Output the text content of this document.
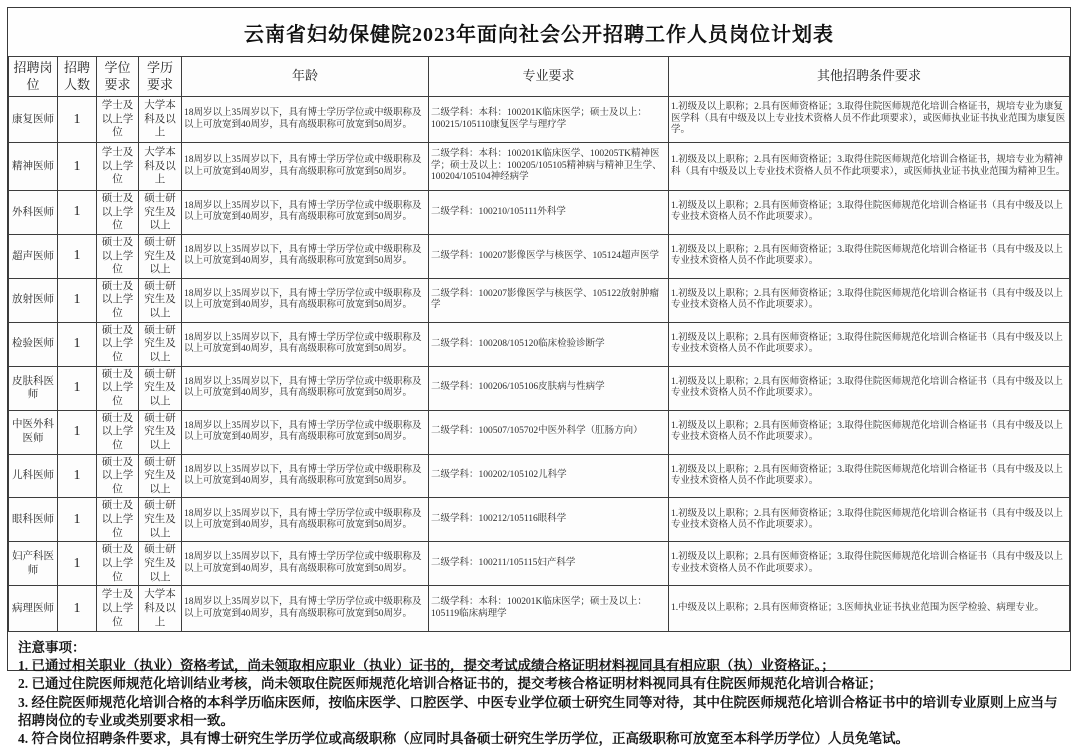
云南省妇幼保健院2023年面向社会公开招聘工作人员岗位计划表
招聘岗位	招聘人数	学位要求	学历要求	年龄	专业要求	其他招聘条件要求
康复医师	1	学士及以上学位	大学本科及以上	18周岁以上35周岁以下，具有博士学历学位或中级职称及以上可放宽到40周岁，具有高级职称可放宽到50周岁。	二级学科：本科：100201K临床医学；硕士及以上：100215/105110康复医学与理疗学	1.初级及以上职称；2.具有医师资格证；3.取得住院医师规范化培训合格证书，规培专业为康复医学科（具有中级及以上专业技术资格人员不作此项要求），或医师执业证书执业范围为康复医学。
精神医师	1	学士及以上学位	大学本科及以上	18周岁以上35周岁以下，具有博士学历学位或中级职称及以上可放宽到40周岁，具有高级职称可放宽到50周岁。	二级学科：本科：100201K临床医学、100205TK精神医学；硕士及以上：100205/105105精神病与精神卫生学、100204/105104神经病学	1.初级及以上职称；2.具有医师资格证；3.取得住院医师规范化培训合格证书，规培专业为精神科（具有中级及以上专业技术资格人员不作此项要求），或医师执业证书执业范围为精神卫生。
外科医师	1	硕士及以上学位	硕士研究生及以上	18周岁以上35周岁以下，具有博士学历学位或中级职称及以上可放宽到40周岁，具有高级职称可放宽到50周岁。	二级学科：100210/105111外科学	1.初级及以上职称；2.具有医师资格证；3.取得住院医师规范化培训合格证书（具有中级及以上专业技术资格人员不作此项要求）。
超声医师	1	硕士及以上学位	硕士研究生及以上	18周岁以上35周岁以下，具有博士学历学位或中级职称及以上可放宽到40周岁，具有高级职称可放宽到50周岁。	二级学科：100207影像医学与核医学、105124超声医学	1.初级及以上职称；2.具有医师资格证；3.取得住院医师规范化培训合格证书（具有中级及以上专业技术资格人员不作此项要求）。
放射医师	1	硕士及以上学位	硕士研究生及以上	18周岁以上35周岁以下，具有博士学历学位或中级职称及以上可放宽到40周岁，具有高级职称可放宽到50周岁。	二级学科：100207影像医学与核医学、105122放射肿瘤学	1.初级及以上职称；2.具有医师资格证；3.取得住院医师规范化培训合格证书（具有中级及以上专业技术资格人员不作此项要求）。
检验医师	1	硕士及以上学位	硕士研究生及以上	18周岁以上35周岁以下，具有博士学历学位或中级职称及以上可放宽到40周岁，具有高级职称可放宽到50周岁。	二级学科：100208/105120临床检验诊断学	1.初级及以上职称；2.具有医师资格证；3.取得住院医师规范化培训合格证书（具有中级及以上专业技术资格人员不作此项要求）。
皮肤科医师	1	硕士及以上学位	硕士研究生及以上	18周岁以上35周岁以下，具有博士学历学位或中级职称及以上可放宽到40周岁，具有高级职称可放宽到50周岁。	二级学科：100206/105106皮肤病与性病学	1.初级及以上职称；2.具有医师资格证；3.取得住院医师规范化培训合格证书（具有中级及以上专业技术资格人员不作此项要求）。
中医外科医师	1	硕士及以上学位	硕士研究生及以上	18周岁以上35周岁以下，具有博士学历学位或中级职称及以上可放宽到40周岁，具有高级职称可放宽到50周岁。	二级学科：100507/105702中医外科学（肛肠方向）	1.初级及以上职称；2.具有医师资格证；3.取得住院医师规范化培训合格证书（具有中级及以上专业技术资格人员不作此项要求）。
儿科医师	1	硕士及以上学位	硕士研究生及以上	18周岁以上35周岁以下，具有博士学历学位或中级职称及以上可放宽到40周岁，具有高级职称可放宽到50周岁。	二级学科：100202/105102儿科学	1.初级及以上职称；2.具有医师资格证；3.取得住院医师规范化培训合格证书（具有中级及以上专业技术资格人员不作此项要求）。
眼科医师	1	硕士及以上学位	硕士研究生及以上	18周岁以上35周岁以下，具有博士学历学位或中级职称及以上可放宽到40周岁，具有高级职称可放宽到50周岁。	二级学科：100212/105116眼科学	1.初级及以上职称；2.具有医师资格证；3.取得住院医师规范化培训合格证书（具有中级及以上专业技术资格人员不作此项要求）。
妇产科医师	1	硕士及以上学位	硕士研究生及以上	18周岁以上35周岁以下，具有博士学历学位或中级职称及以上可放宽到40周岁，具有高级职称可放宽到50周岁。	二级学科：100211/105115妇产科学	1.初级及以上职称；2.具有医师资格证；3.取得住院医师规范化培训合格证书（具有中级及以上专业技术资格人员不作此项要求）。
病理医师	1	学士及以上学位	大学本科及以上	18周岁以上35周岁以下，具有博士学历学位或中级职称及以上可放宽到40周岁，具有高级职称可放宽到50周岁。	二级学科：本科：100201K临床医学；硕士及以上：105119临床病理学	1.中级及以上职称；2.具有医师资格证；3.医师执业证书执业范围为医学检验、病理专业。
注意事项：
1. 已通过相关职业（执业）资格考试，尚未领取相应职业（执业）证书的，提交考试成绩合格证明材料视同具有相应职（执）业资格证。；
2. 已通过住院医师规范化培训结业考核，尚未领取住院医师规范化培训合格证书的，提交考核合格证明材料视同具有住院医师规范化培训合格证；
3. 经住院医师规范化培训合格的本科学历临床医师，按临床医学、口腔医学、中医专业学位硕士研究生同等对待，其中住院医师规范化培训合格证书中的培训专业原则上应当与招聘岗位的专业或类别要求相一致。
4. 符合岗位招聘条件要求，具有博士研究生学历学位或高级职称（应同时具备硕士研究生学历学位，正高级职称可放宽至本科学历学位）人员免笔试。
